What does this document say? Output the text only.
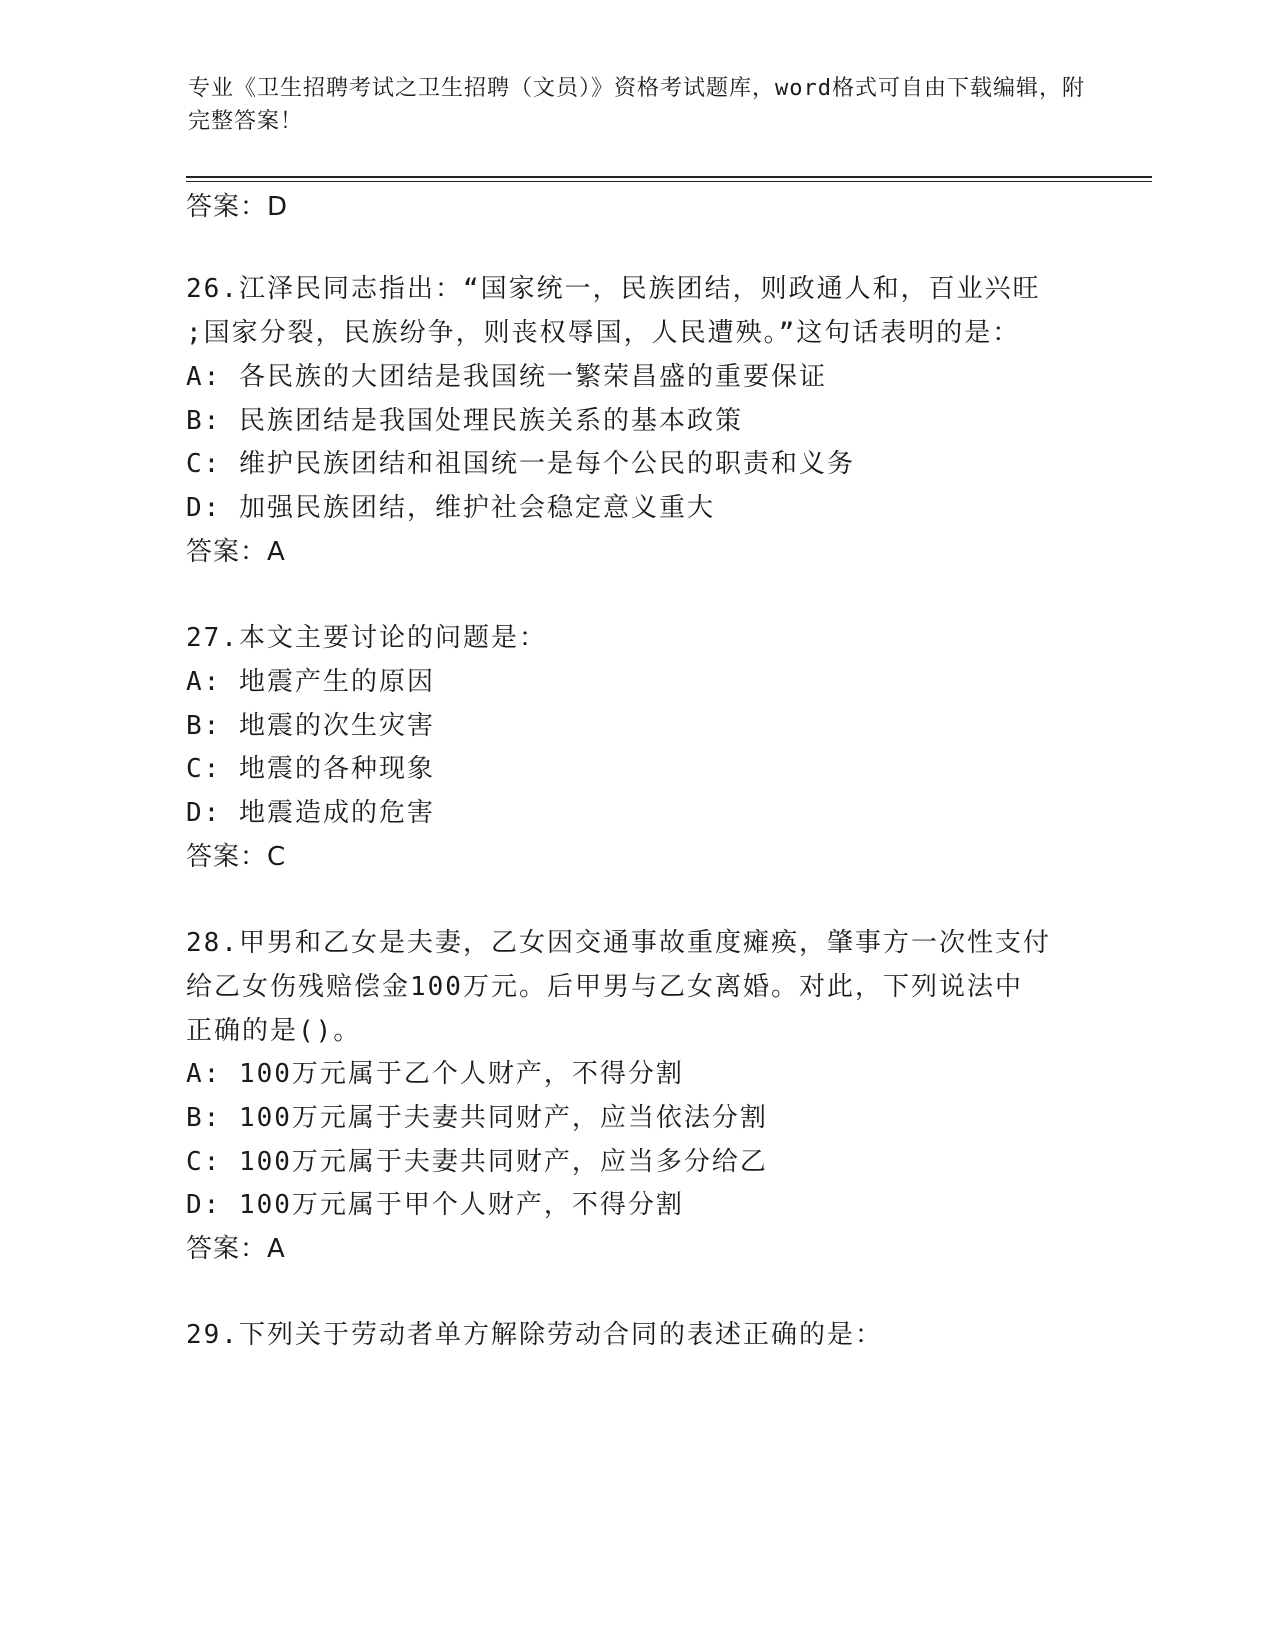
专业《卫生招聘考试之卫生招聘（文员）》资格考试题库，word格式可自由下载编辑，附完整答案！
答案：D
26.江泽民同志指出：“国家统一，民族团结，则政通人和，百业兴旺
;国家分裂，民族纷争，则丧权辱国，人民遭殃。”这句话表明的是：
A: 各民族的大团结是我国统一繁荣昌盛的重要保证
B: 民族团结是我国处理民族关系的基本政策
C: 维护民族团结和祖国统一是每个公民的职责和义务
D: 加强民族团结，维护社会稳定意义重大
答案：A
27.本文主要讨论的问题是：
A: 地震产生的原因
B: 地震的次生灾害
C: 地震的各种现象
D: 地震造成的危害
答案：C
28.甲男和乙女是夫妻，乙女因交通事故重度瘫痪，肇事方一次性支付
给乙女伤残赔偿金100万元。后甲男与乙女离婚。对此，下列说法中
正确的是()。
A: 100万元属于乙个人财产，不得分割
B: 100万元属于夫妻共同财产，应当依法分割
C: 100万元属于夫妻共同财产，应当多分给乙
D: 100万元属于甲个人财产，不得分割
答案：A
29.下列关于劳动者单方解除劳动合同的表述正确的是：
